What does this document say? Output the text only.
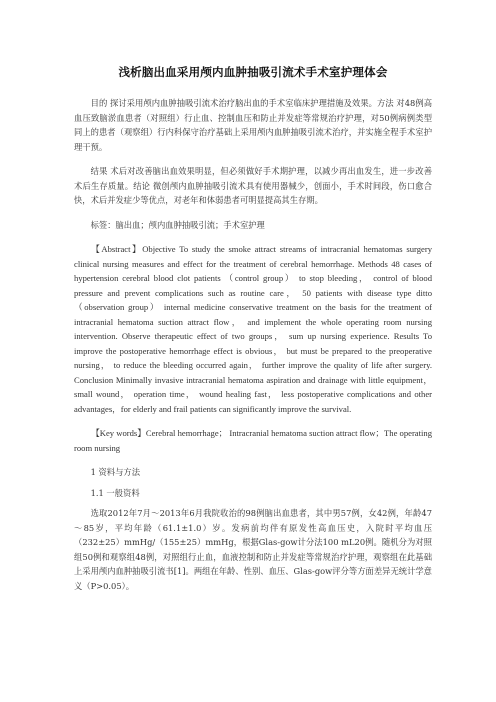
浅析脑出血采用颅内血肿抽吸引流术手术室护理体会

目的 探讨采用颅内血肿抽吸引流术治疗脑出血的手术室临床护理措施及效果。方法 对48例高血压致脑淤血患者（对照组）行止血、控制血压和防止并发症等常规治疗护理，对50例病例类型同上的患者（观察组）行内科保守治疗基础上采用颅内血肿抽吸引流术治疗，并实施全程手术室护理干预。

结果 术后对改善脑出血效果明显，但必须做好手术期护理，以减少再出血发生，进一步改善术后生存质量。结论 微创颅内血肿抽吸引流术具有使用器械少，创面小，手术时间段，伤口愈合快，术后并发症少等优点，对老年和体弱患者可明显提高其生存期。

标签：脑出血；颅内血肿抽吸引流；手术室护理

【Abstract】Objective To study the smoke attract streams of intracranial hematomas surgery clinical nursing measures and effect for the treatment of cerebral hemorrhage. Methods 48 cases of hypertension cerebral blood clot patients （control group） to stop bleeding， control of blood pressure and prevent complications such as routine care， 50 patients with disease type ditto （observation group） internal medicine conservative treatment on the basis for the treatment of intracranial hematoma suction attract flow， and implement the whole operating room nursing intervention. Observe therapeutic effect of two groups， sum up nursing experience. Results To improve the postoperative hemorrhage effect is obvious， but must be prepared to the preoperative nursing， to reduce the bleeding occurred again， further improve the quality of life after surgery. Conclusion Minimally invasive intracranial hematoma aspiration and drainage with little equipment， small wound， operation time， wound healing fast， less postoperative complications and other advantages，for elderly and frail patients can significantly improve the survival.

【Key words】Cerebral hemorrhage； Intracranial hematoma suction attract flow；The operating room nursing

1 资料与方法

1.1 一般资料

选取2012年7月～2013年6月我院收治的98例脑出血患者，其中男57例，女42例，年龄47～85岁，平均年龄（61.1±1.0）岁。发病前均伴有原发性高血压史，入院时平均血压（232±25）mmHg/（155±25）mmHg，根据Glas-gow计分法100 mL20例。随机分为对照组50例和观察组48例，对照组行止血，血液控制和防止并发症等常规治疗护理，观察组在此基础上采用颅内血肿抽吸引流书[1]。两组在年龄、性别、血压、Glas-gow评分等方面差异无统计学意义（P>0.05）。
